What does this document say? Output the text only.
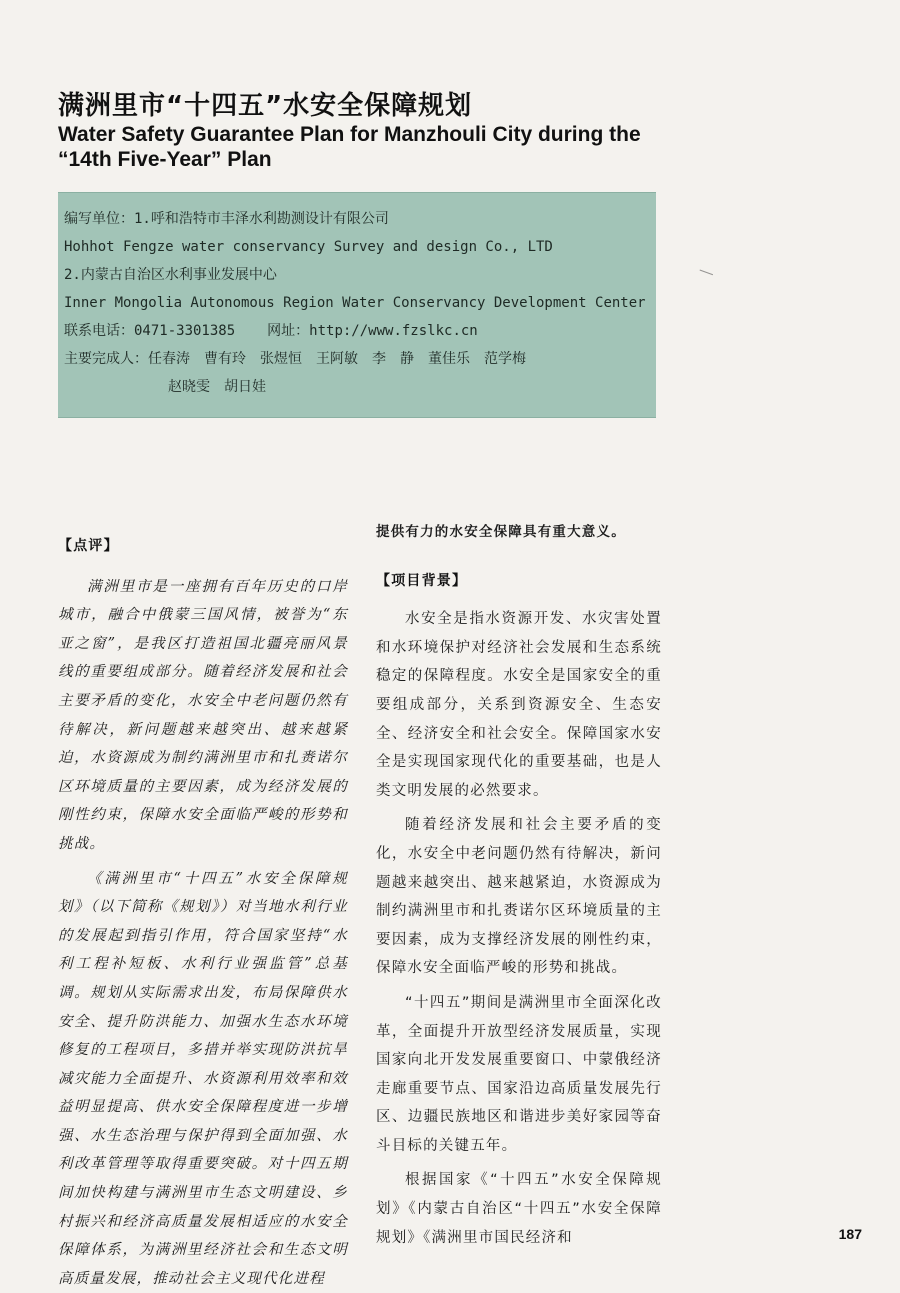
满洲里市“十四五”水安全保障规划
Water Safety Guarantee Plan for Manzhouli City during the “14th Five-Year” Plan
编写单位：1.呼和浩特市丰泽水利勘测设计有限公司
Hohhot Fengze water conservancy Survey and design Co., LTD
2.内蒙古自治区水利事业发展中心
Inner Mongolia Autonomous Region Water Conservancy Development Center
联系电话：0471-3301385 网址：http://www.fzslkc.cn
主要完成人：任春涛　曹有玲　张煜恒　王阿敏　李　静　董佳乐　范学梅
赵晓雯　胡日娃
【点评】

满洲里市是一座拥有百年历史的口岸城市，融合中俄蒙三国风情，被誉为“东亚之窗”，是我区打造祖国北疆亮丽风景线的重要组成部分。随着经济发展和社会主要矛盾的变化，水安全中老问题仍然有待解决，新问题越来越突出、越来越紧迫，水资源成为制约满洲里市和扎赉诺尔区环境质量的主要因素，成为经济发展的刚性约束，保障水安全面临严峻的形势和挑战。

《满洲里市“十四五”水安全保障规划》（以下简称《规划》）对当地水利行业的发展起到指引作用，符合国家坚持“水利工程补短板、水利行业强监管”总基调。规划从实际需求出发，布局保障供水安全、提升防洪能力、加强水生态水环境修复的工程项目，多措并举实现防洪抗旱减灾能力全面提升、水资源利用效率和效益明显提高、供水安全保障程度进一步增强、水生态治理与保护得到全面加强、水利改革管理等取得重要突破。对十四五期间加快构建与满洲里市生态文明建设、乡村振兴和经济高质量发展相适应的水安全保障体系，为满洲里经济社会和生态文明高质量发展，推动社会主义现代化进程

提供有力的水安全保障具有重大意义。

【项目背景】

水安全是指水资源开发、水灾害处置和水环境保护对经济社会发展和生态系统稳定的保障程度。水安全是国家安全的重要组成部分，关系到资源安全、生态安全、经济安全和社会安全。保障国家水安全是实现国家现代化的重要基础，也是人类文明发展的必然要求。

随着经济发展和社会主要矛盾的变化，水安全中老问题仍然有待解决，新问题越来越突出、越来越紧迫，水资源成为制约满洲里市和扎赉诺尔区环境质量的主要因素，成为支撑经济发展的刚性约束，保障水安全面临严峻的形势和挑战。

“十四五”期间是满洲里市全面深化改革，全面提升开放型经济发展质量，实现国家向北开发发展重要窗口、中蒙俄经济走廊重要节点、国家沿边高质量发展先行区、边疆民族地区和谐进步美好家园等奋斗目标的关键五年。

根据国家《“十四五”水安全保障规划》《内蒙古自治区“十四五”水安全保障规划》《满洲里市国民经济和	187
